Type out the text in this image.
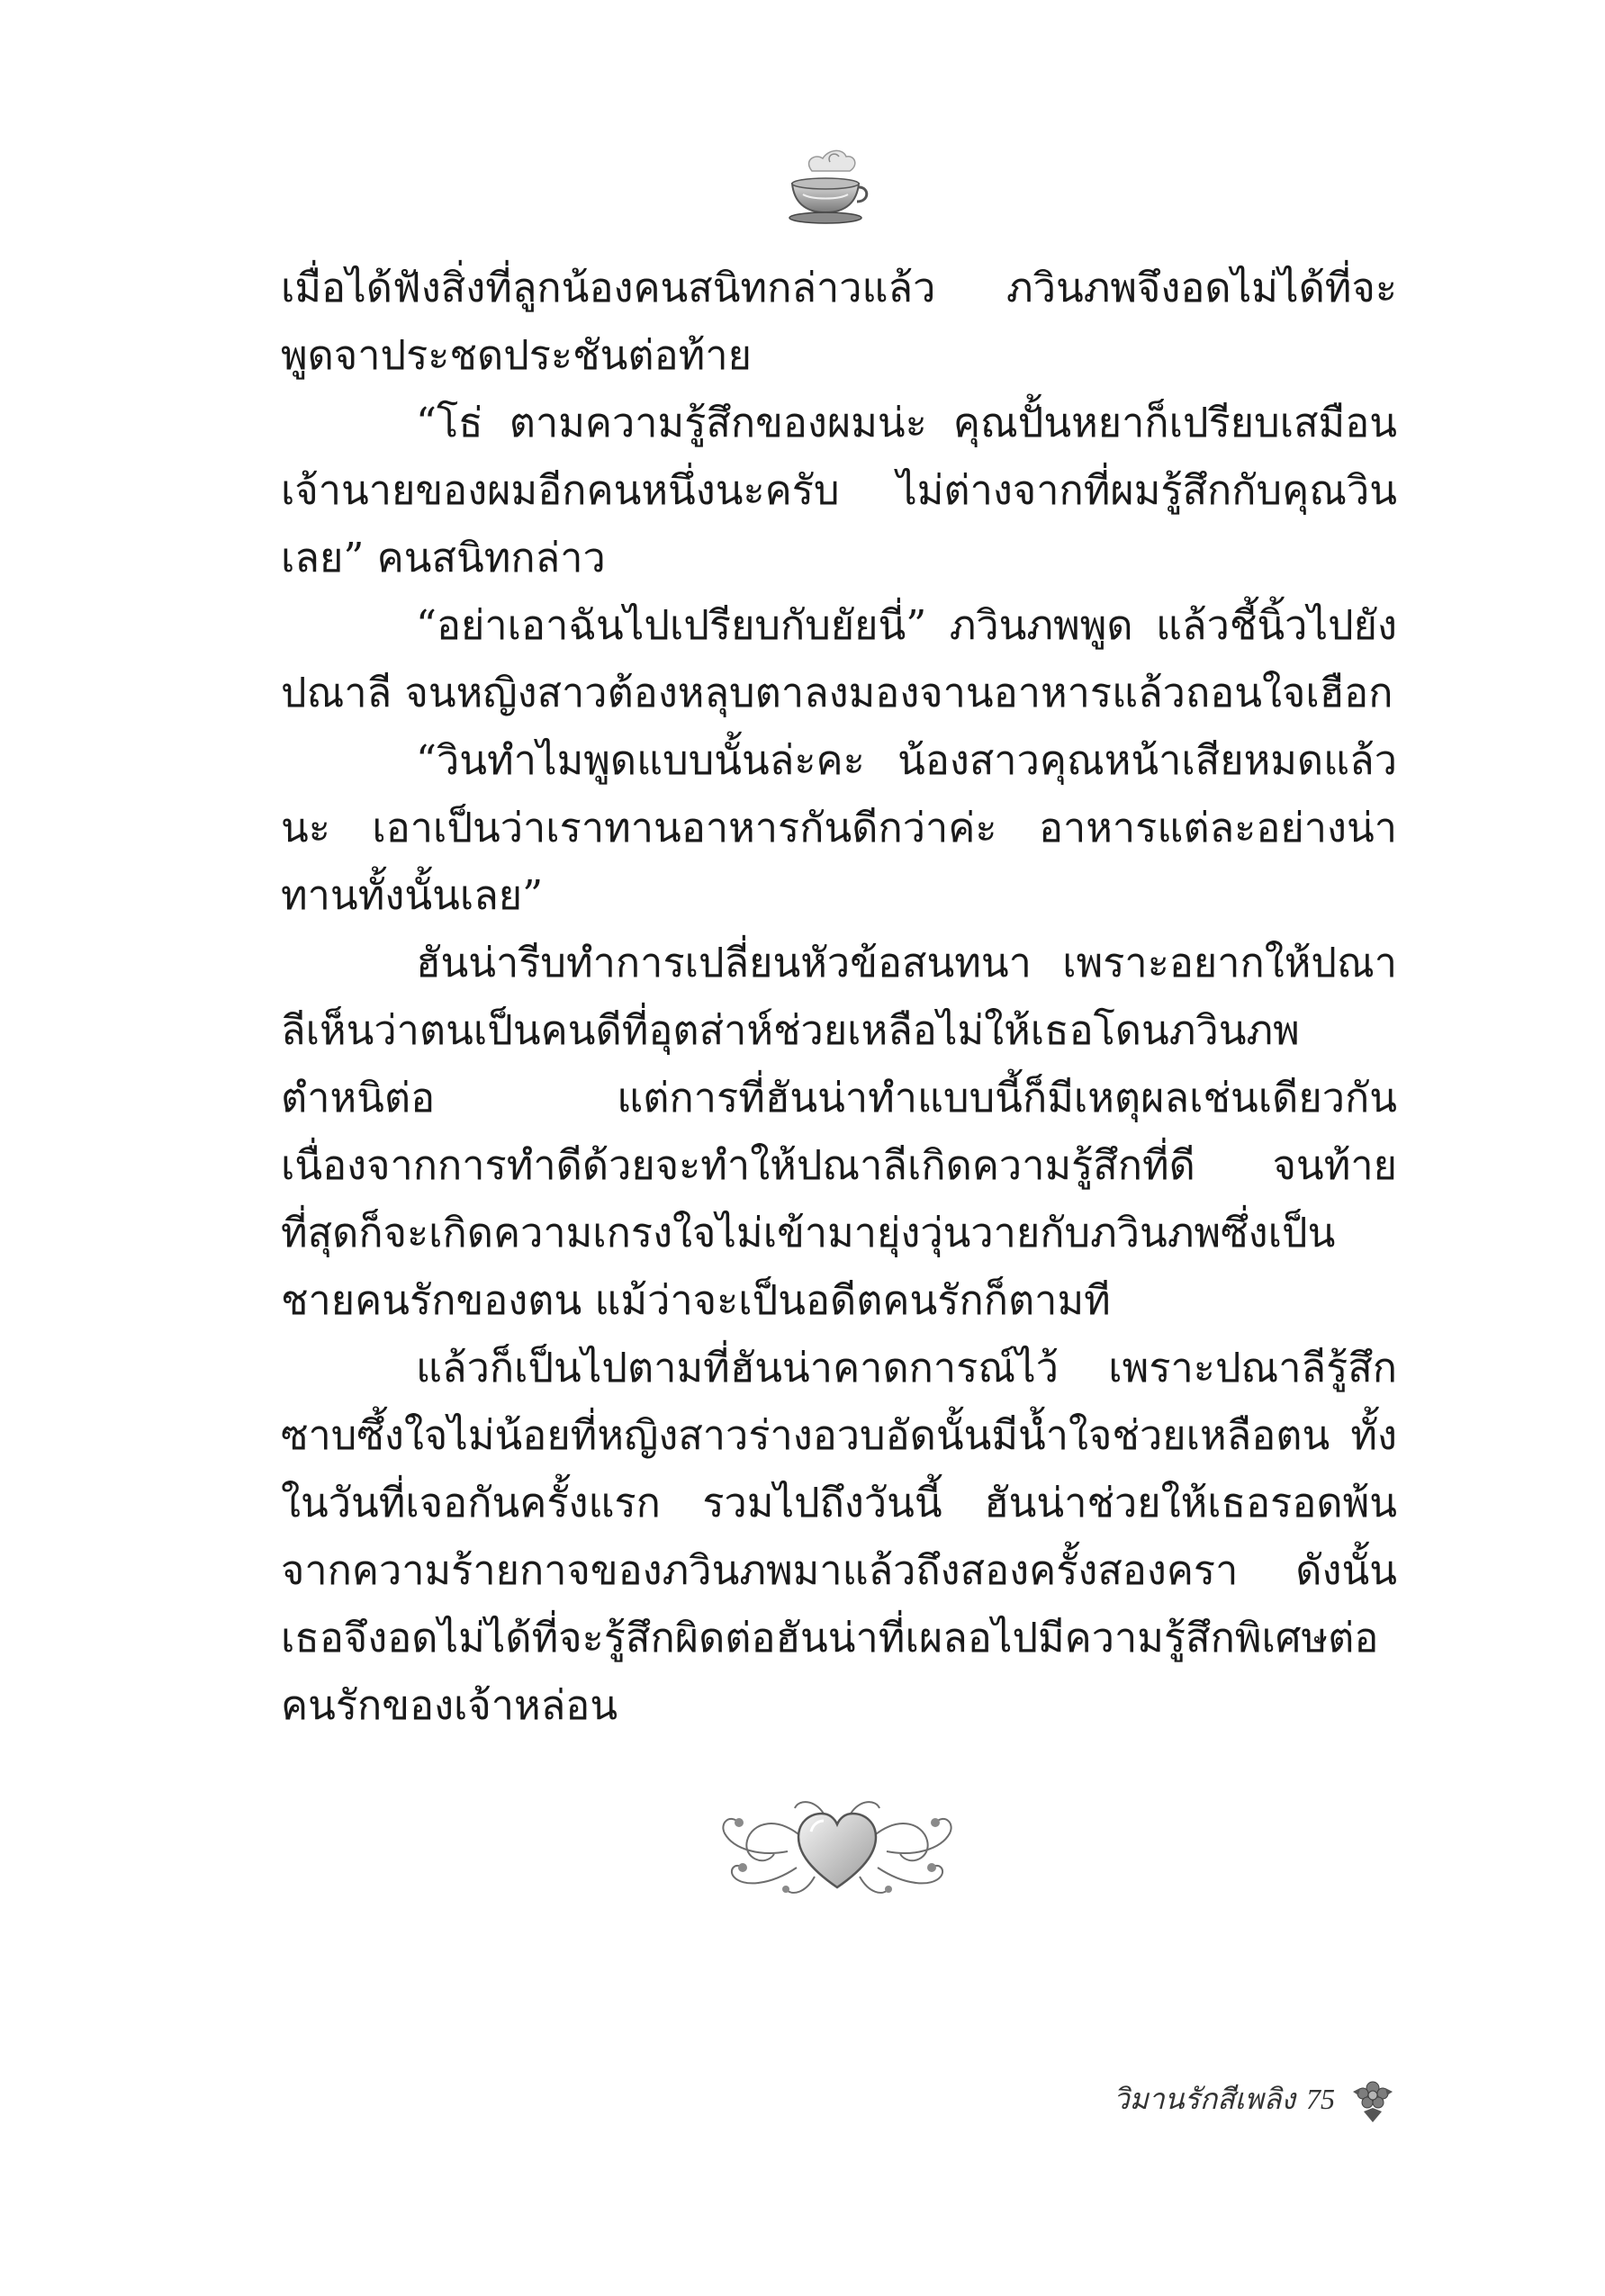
เมื่อได้ฟังสิ่งที่ลูกน้องคนสนิทกล่าวแล้ว ภวินภพจึงอดไม่ได้ที่จะพูดจาประชดประชันต่อท้าย

“โธ่ ตามความรู้สึกของผมน่ะ คุณปั้นหยาก็เปรียบเสมือนเจ้านายของผมอีกคนหนึ่งนะครับ ไม่ต่างจากที่ผมรู้สึกกับคุณวินเลย” คนสนิทกล่าว

“อย่าเอาฉันไปเปรียบกับยัยนี่” ภวินภพพูด แล้วชี้นิ้วไปยังปณาลี จนหญิงสาวต้องหลุบตาลงมองจานอาหารแล้วถอนใจเฮือก

“วินทำไมพูดแบบนั้นล่ะคะ น้องสาวคุณหน้าเสียหมดแล้วนะ เอาเป็นว่าเราทานอาหารกันดีกว่าค่ะ อาหารแต่ละอย่างน่าทานทั้งนั้นเลย”

ฮันน่ารีบทำการเปลี่ยนหัวข้อสนทนา เพราะอยากให้ปณาลีเห็นว่าตนเป็นคนดีที่อุตส่าห์ช่วยเหลือไม่ให้เธอโดนภวินภพตำหนิต่อ แต่การที่ฮันน่าทำแบบนี้ก็มีเหตุผลเช่นเดียวกัน เนื่องจากการทำดีด้วยจะทำให้ปณาลีเกิดความรู้สึกที่ดี จนท้ายที่สุดก็จะเกิดความเกรงใจไม่เข้ามายุ่งวุ่นวายกับภวินภพซึ่งเป็นชายคนรักของตน แม้ว่าจะเป็นอดีตคนรักก็ตามที

แล้วก็เป็นไปตามที่ฮันน่าคาดการณ์ไว้ เพราะปณาลีรู้สึกซาบซึ้งใจไม่น้อยที่หญิงสาวร่างอวบอัดนั้นมีน้ำใจช่วยเหลือตน ทั้งในวันที่เจอกันครั้งแรก รวมไปถึงวันนี้ ฮันน่าช่วยให้เธอรอดพ้นจากความร้ายกาจของภวินภพมาแล้วถึงสองครั้งสองครา ดังนั้นเธอจึงอดไม่ได้ที่จะรู้สึกผิดต่อฮันน่าที่เผลอไปมีความรู้สึกพิเศษต่อคนรักของเจ้าหล่อน

วิมานรักสีเพลิง 75
